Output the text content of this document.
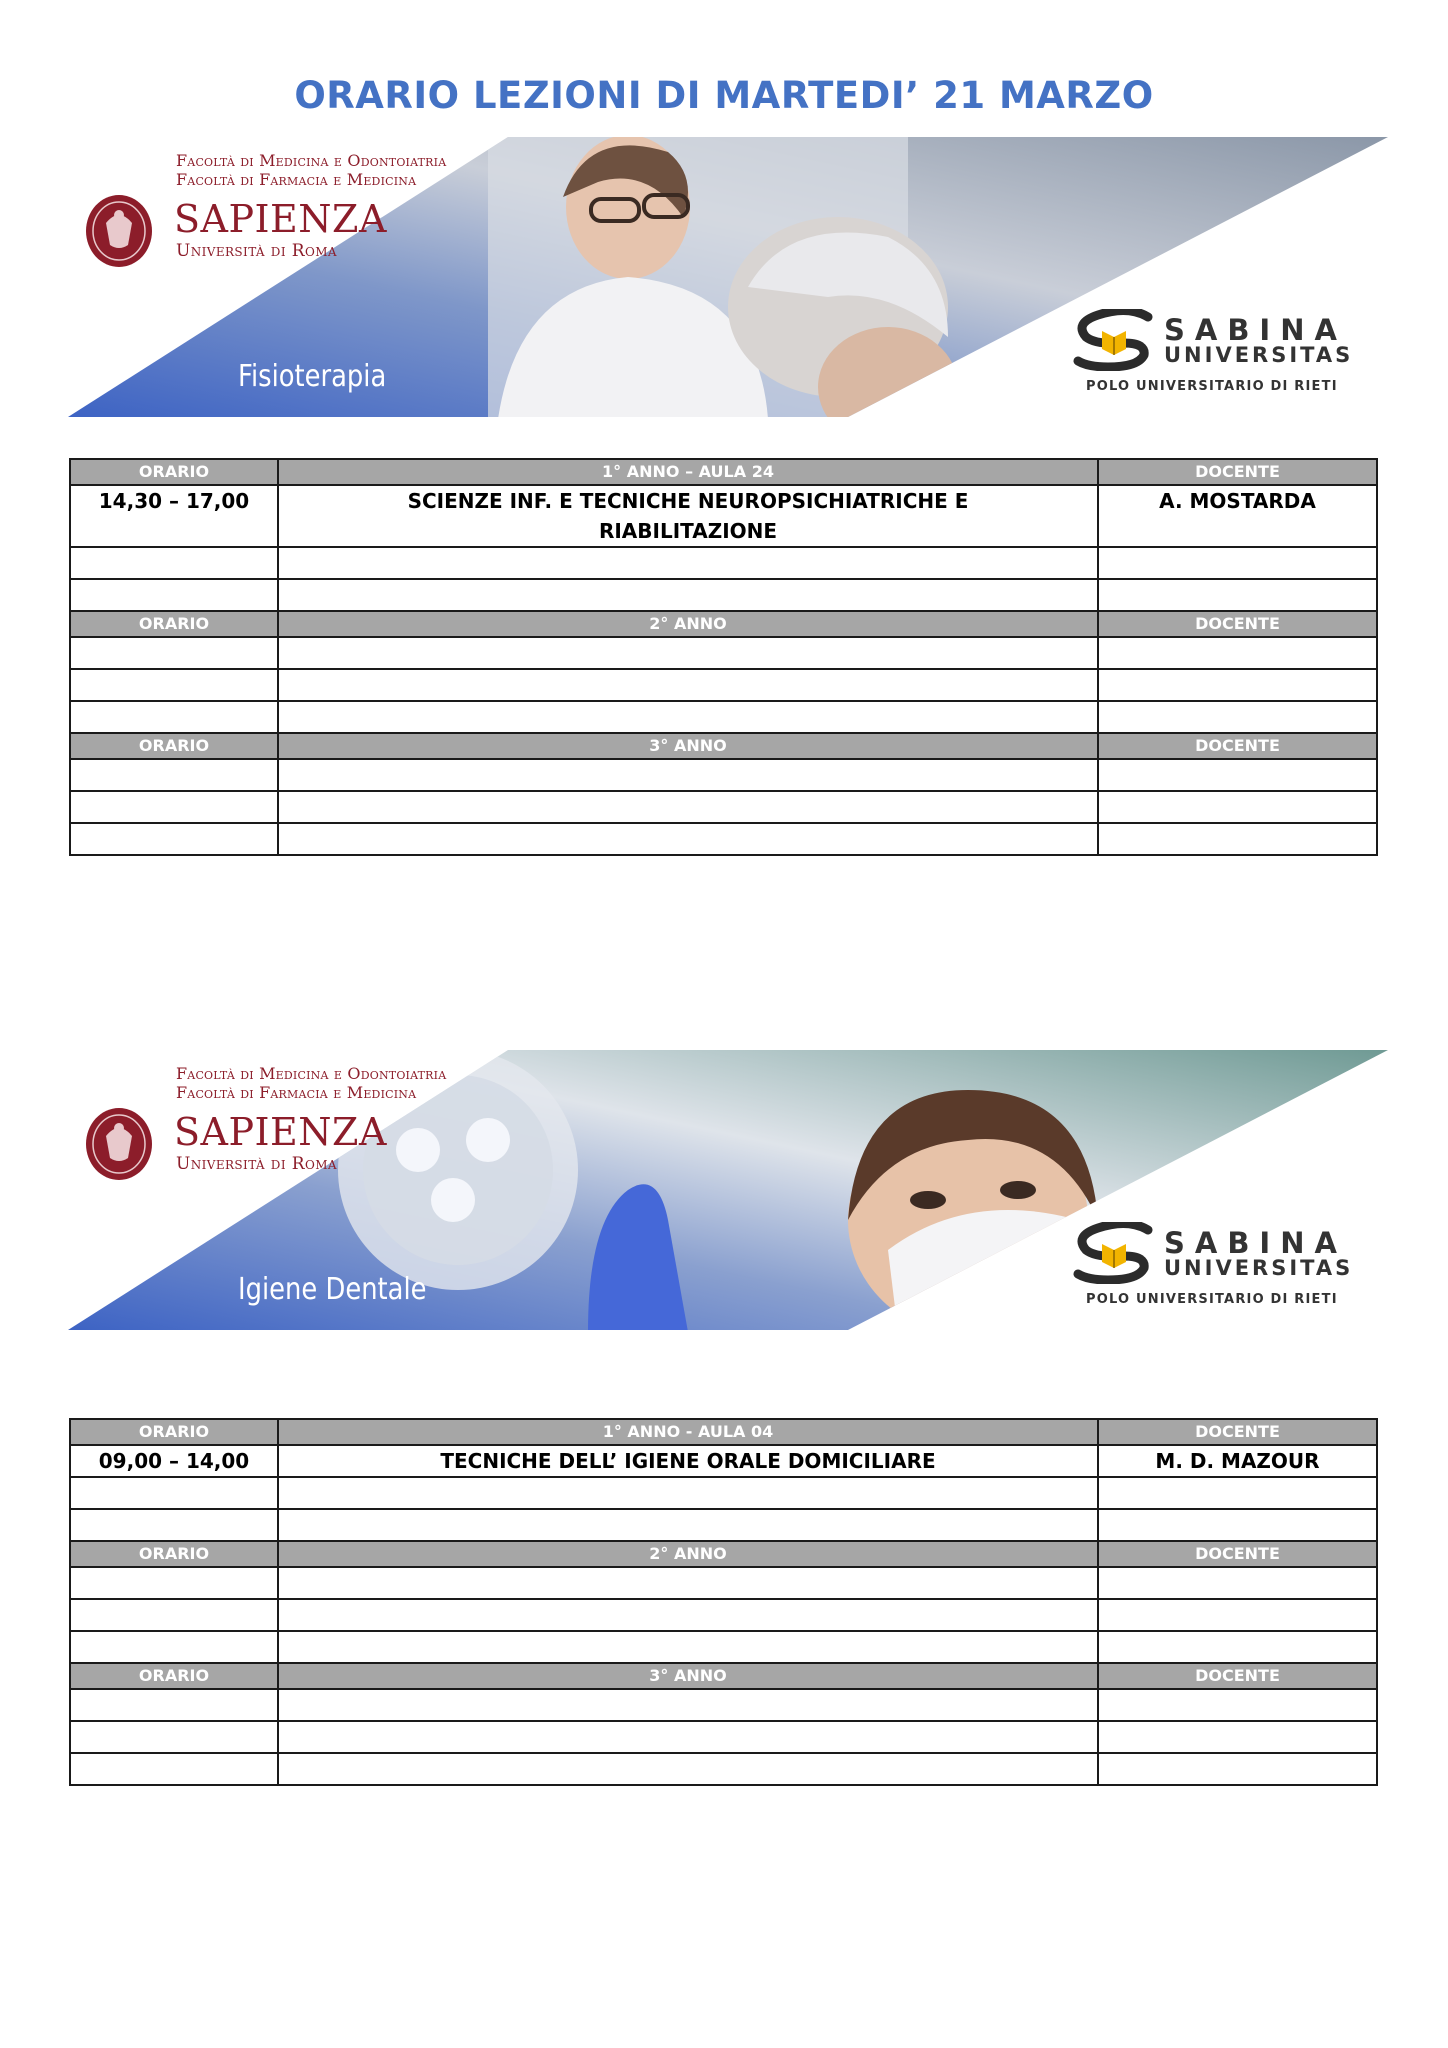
ORARIO LEZIONI DI MARTEDI’ 21 MARZO
Facoltà di Medicina e Odontoiatria
Facoltà di Farmacia e Medicina
SAPIENZA
Università di Roma
Fisioterapia
SABINA
UNIVERSITAS
POLO UNIVERSITARIO DI RIETI
ORARIO	1° ANNO – AULA 24	DOCENTE
14,30 – 17,00	SCIENZE INF. E TECNICHE NEUROPSICHIATRICHE E RIABILITAZIONE	A. MOSTARDA

ORARIO	2° ANNO	DOCENTE

ORARIO	3° ANNO	DOCENTE

Facoltà di Medicina e Odontoiatria
Facoltà di Farmacia e Medicina
SAPIENZA
Università di Roma
Igiene Dentale
SABINA
UNIVERSITAS
POLO UNIVERSITARIO DI RIETI
ORARIO	1° ANNO - AULA 04	DOCENTE
09,00 – 14,00	TECNICHE DELL’ IGIENE ORALE DOMICILIARE	M. D. MAZOUR

ORARIO	2° ANNO	DOCENTE

ORARIO	3° ANNO	DOCENTE
